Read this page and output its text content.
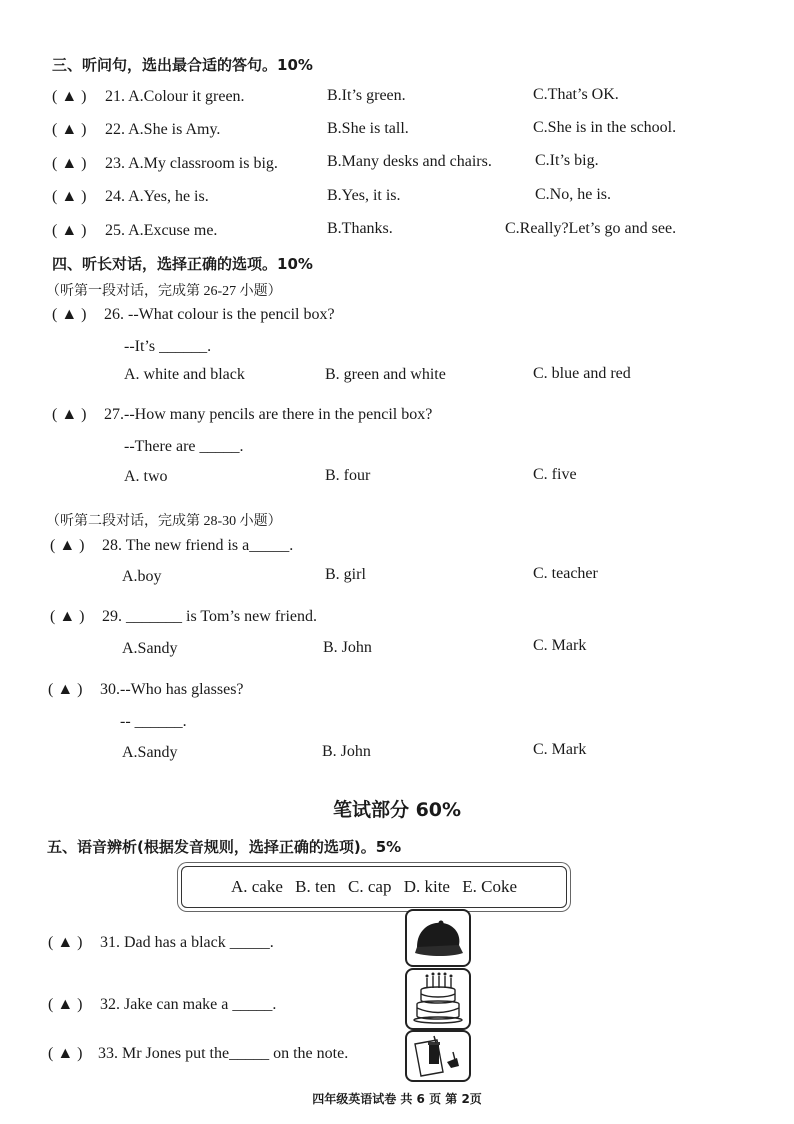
三、听问句，选出最合适的答句。10%
( ▲ ) 21. A.Colour it green.	B.It’s green.	C.That’s OK.
( ▲ ) 22. A.She is Amy.	B.She is tall.	C.She is in the school.
( ▲ ) 23. A.My classroom is big.	B.Many desks and chairs.	C.It’s big.
( ▲ ) 24. A.Yes, he is.	B.Yes, it is.	C.No, he is.
( ▲ ) 25. A.Excuse me.	B.Thanks.	C.Really?Let’s go and see.
四、听长对话，选择正确的选项。10%
（听第一段对话，完成第 26-27 小题）
( ▲ ) 26. --What colour is the pencil box?
--It’s ______.
A. white and black	B. green and white	C. blue and red
( ▲ ) 27.--How many pencils are there in the pencil box?
--There are _____.
A. two	B. four	C. five
（听第二段对话，完成第 28-30 小题）
( ▲ ) 28. The new friend is a_____.
A.boy	B. girl	C. teacher
( ▲ ) 29. _______ is Tom’s new friend.
A.Sandy	B. John	C. Mark
( ▲ ) 30.--Who has glasses?
-- ______.
A.Sandy	B. John	C. Mark
笔试部分 60%
五、语音辨析(根据发音规则，选择正确的选项)。5%
A. cake B. ten C. cap D. kite E. Coke
( ▲ ) 31. Dad has a black _____.
( ▲ ) 32. Jake can make a _____.
( ▲ ) 33. Mr Jones put the_____ on the note.
四年级英语试卷 共 6 页 第 2页
